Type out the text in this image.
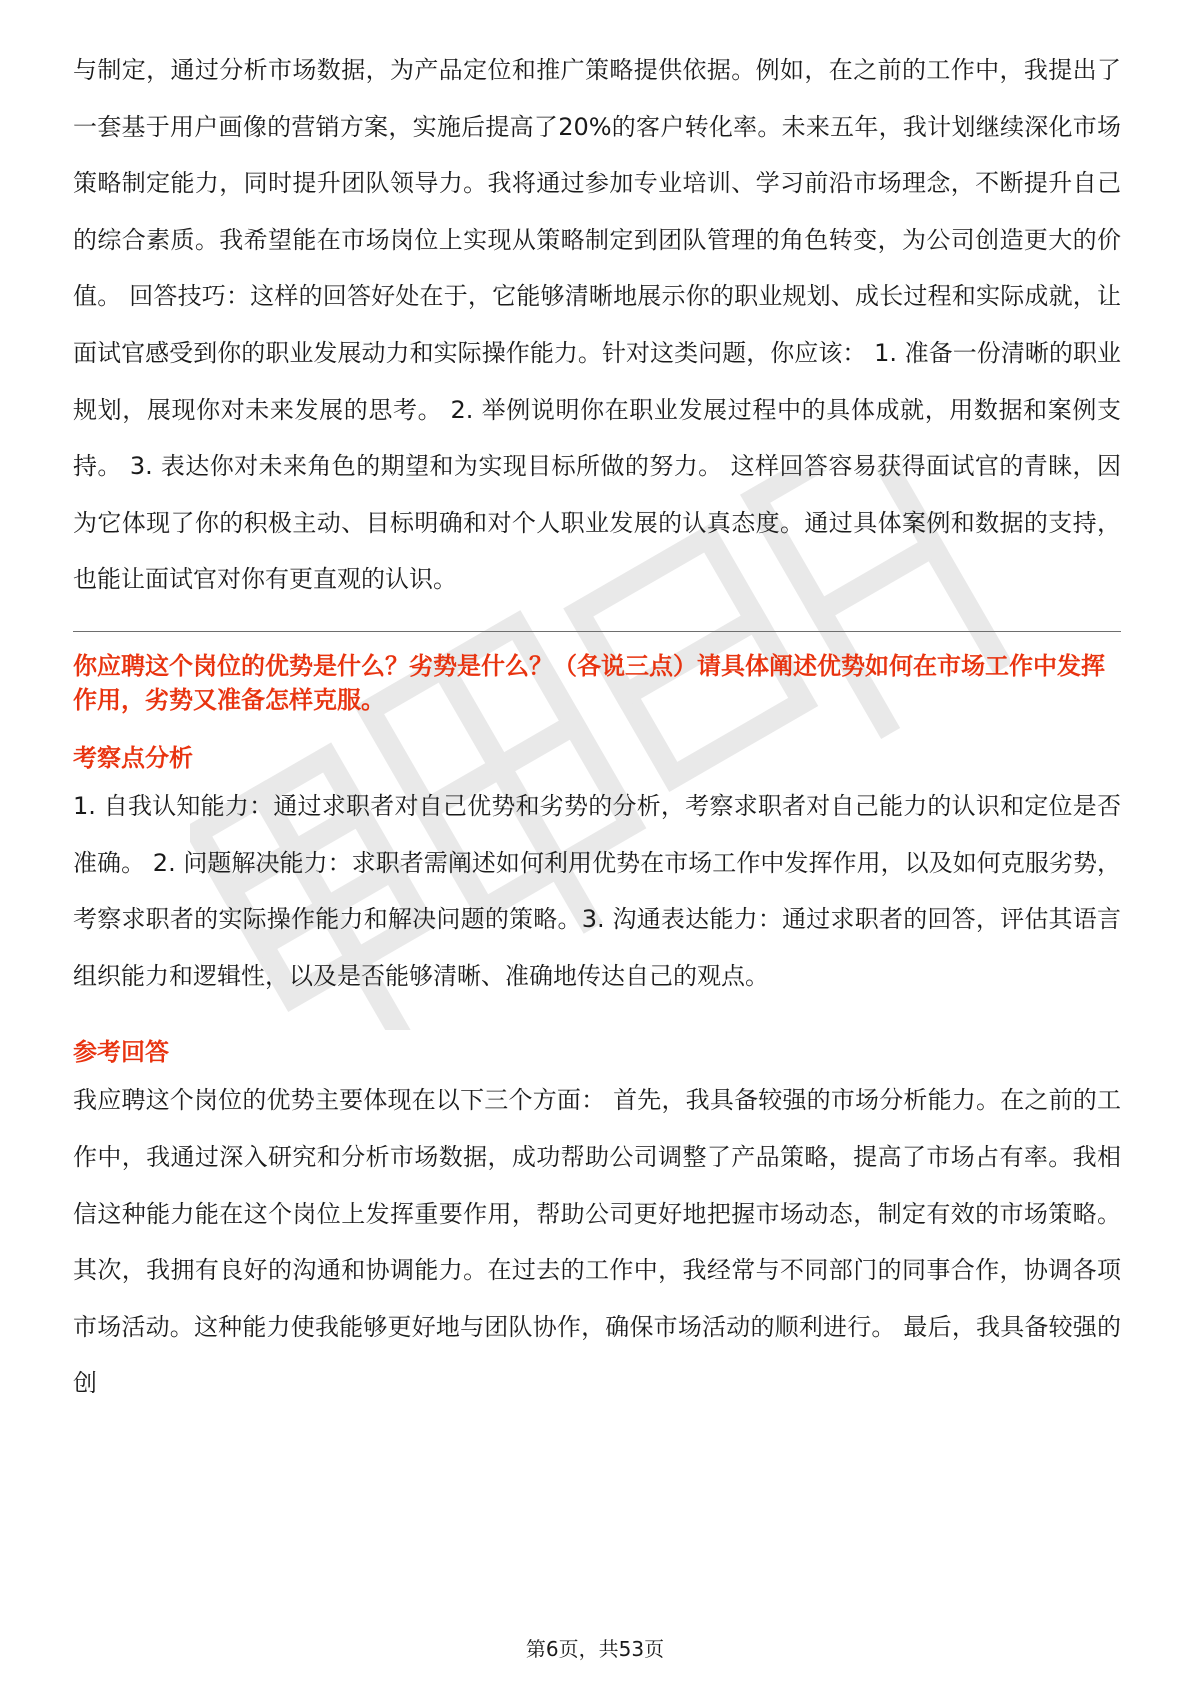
与制定，通过分析市场数据，为产品定位和推广策略提供依据。例如，在之前的工作中，我提出了一套基于用户画像的营销方案，实施后提高了20%的客户转化率。未来五年，我计划继续深化市场策略制定能力，同时提升团队领导力。我将通过参加专业培训、学习前沿市场理念，不断提升自己的综合素质。我希望能在市场岗位上实现从策略制定到团队管理的角色转变，为公司创造更大的价值。 回答技巧：这样的回答好处在于，它能够清晰地展示你的职业规划、成长过程和实际成就，让面试官感受到你的职业发展动力和实际操作能力。针对这类问题，你应该： 1. 准备一份清晰的职业规划，展现你对未来发展的思考。 2. 举例说明你在职业发展过程中的具体成就，用数据和案例支持。 3. 表达你对未来角色的期望和为实现目标所做的努力。 这样回答容易获得面试官的青睐，因为它体现了你的积极主动、目标明确和对个人职业发展的认真态度。通过具体案例和数据的支持，也能让面试官对你有更直观的认识。

你应聘这个岗位的优势是什么？劣势是什么？（各说三点）请具体阐述优势如何在市场工作中发挥作用，劣势又准备怎样克服。

考察点分析

1. 自我认知能力：通过求职者对自己优势和劣势的分析，考察求职者对自己能力的认识和定位是否准确。 2. 问题解决能力：求职者需阐述如何利用优势在市场工作中发挥作用，以及如何克服劣势，考察求职者的实际操作能力和解决问题的策略。3. 沟通表达能力：通过求职者的回答，评估其语言组织能力和逻辑性，以及是否能够清晰、准确地传达自己的观点。

参考回答

我应聘这个岗位的优势主要体现在以下三个方面： 首先，我具备较强的市场分析能力。在之前的工作中，我通过深入研究和分析市场数据，成功帮助公司调整了产品策略，提高了市场占有率。我相信这种能力能在这个岗位上发挥重要作用，帮助公司更好地把握市场动态，制定有效的市场策略。 其次，我拥有良好的沟通和协调能力。在过去的工作中，我经常与不同部门的同事合作，协调各项市场活动。这种能力使我能够更好地与团队协作，确保市场活动的顺利进行。 最后，我具备较强的创

第6页，共53页
